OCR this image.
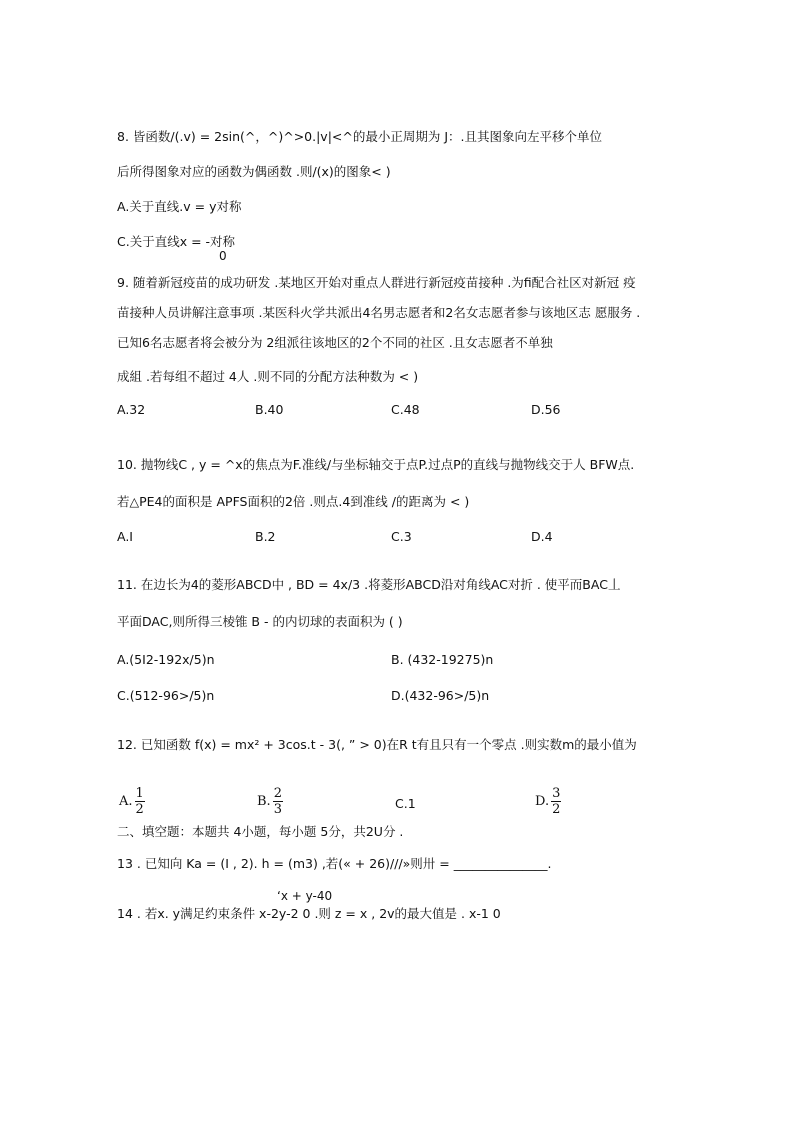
8. 皆函数/(.v) = 2sin(^，^)^>0.|v|<^的最小正周期为 J：.且其图象向左平移个单位
后所得图象对应的函数为偶函数 .则/(x)的图象< )
A.关于直线.v = y对称
C.关于直线x = -对称
0
9. 随着新冠疫苗的成功研发 .某地区开始对重点人群进行新冠疫苗接种 .为fi配合社区对新冠 疫
苗接种人员讲解注意事项 .某医科火学共派出4名男志愿者和2名女志愿者参与该地区志 愿服务 .
已知6名志愿者将会被分为 2组派往该地区的2个不同的社区 .且女志愿者不单独
成組 .若每组不超过 4人 .则不同的分配方法种数为 < )
A.32	B.40	C.48	D.56
10. 抛物线C , y = ^x的焦点为F.准线/与坐标轴交于点P.过点P的直线与抛物线交于人 BFW点.
若△PE4的面积是 APFS面积的2倍 .则点.4到准线 /的距离为 < )
A.I	B.2	C.3	D.4
11. 在边长为4的菱形ABCD中 , BD = 4x/3 .将菱形ABCD沿对角线AC对折 . 使平而BAC丄
平面DAC,则所得三棱锥 B - 的内切球的表面积为 ( )
A.(5I2-192x/5)n	B. (432-19275)n
C.(512-96>/5)n	D.(432-96>/5)n
12. 已知函数 f(x) = mx² + 3cos.t - 3(, ” > 0)在R t有且只有一个零点 .则实数m的最小值为
A. $\frac{1}{2}$	B. $\frac{2}{3}$	C.1	D. $\frac{3}{2}$
二、填空题：本题共 4小题，每小题 5分，共2U分 .
13 . 已知向 Ka = (I , 2). h = (m3) ,若(« + 26)///»则卅 = _______________.
‘x + y-40
14 . 若x. y满足约束条件 x-2y-2 0 .则 z = x , 2v的最大值是 . x-1 0
